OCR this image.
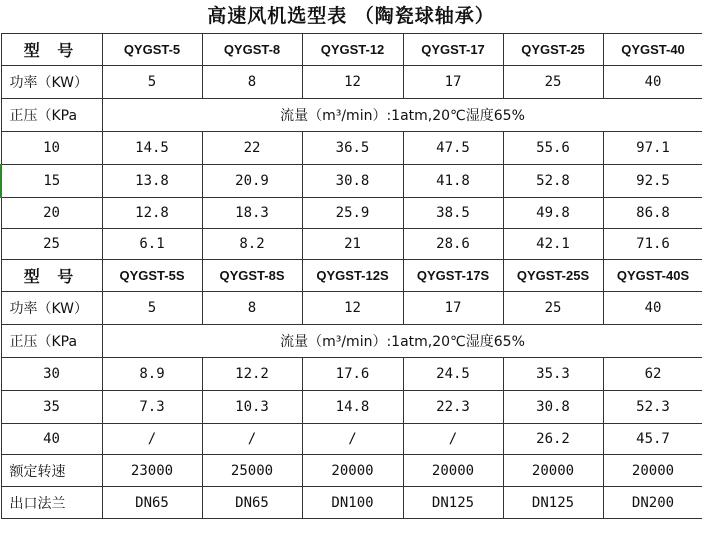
高速风机选型表 （陶瓷球轴承）
型 号	QYGST-5	QYGST-8	QYGST-12	QYGST-17	QYGST-25	QYGST-40
功率（KW）	5	8	12	17	25	40
正压（KPa	流量（m³/min）:1atm,20℃湿度65%					
10	14.5	22	36.5	47.5	55.6	97.1
15	13.8	20.9	30.8	41.8	52.8	92.5
20	12.8	18.3	25.9	38.5	49.8	86.8
25	6.1	8.2	21	28.6	42.1	71.6
型 号	QYGST-5S	QYGST-8S	QYGST-12S	QYGST-17S	QYGST-25S	QYGST-40S
功率（KW）	5	8	12	17	25	40
正压（KPa	流量（m³/min）:1atm,20℃湿度65%					
30	8.9	12.2	17.6	24.5	35.3	62
35	7.3	10.3	14.8	22.3	30.8	52.3
40	/	/	/	/	26.2	45.7
额定转速	23000	25000	20000	20000	20000	20000
出口法兰	DN65	DN65	DN100	DN125	DN125	DN200
